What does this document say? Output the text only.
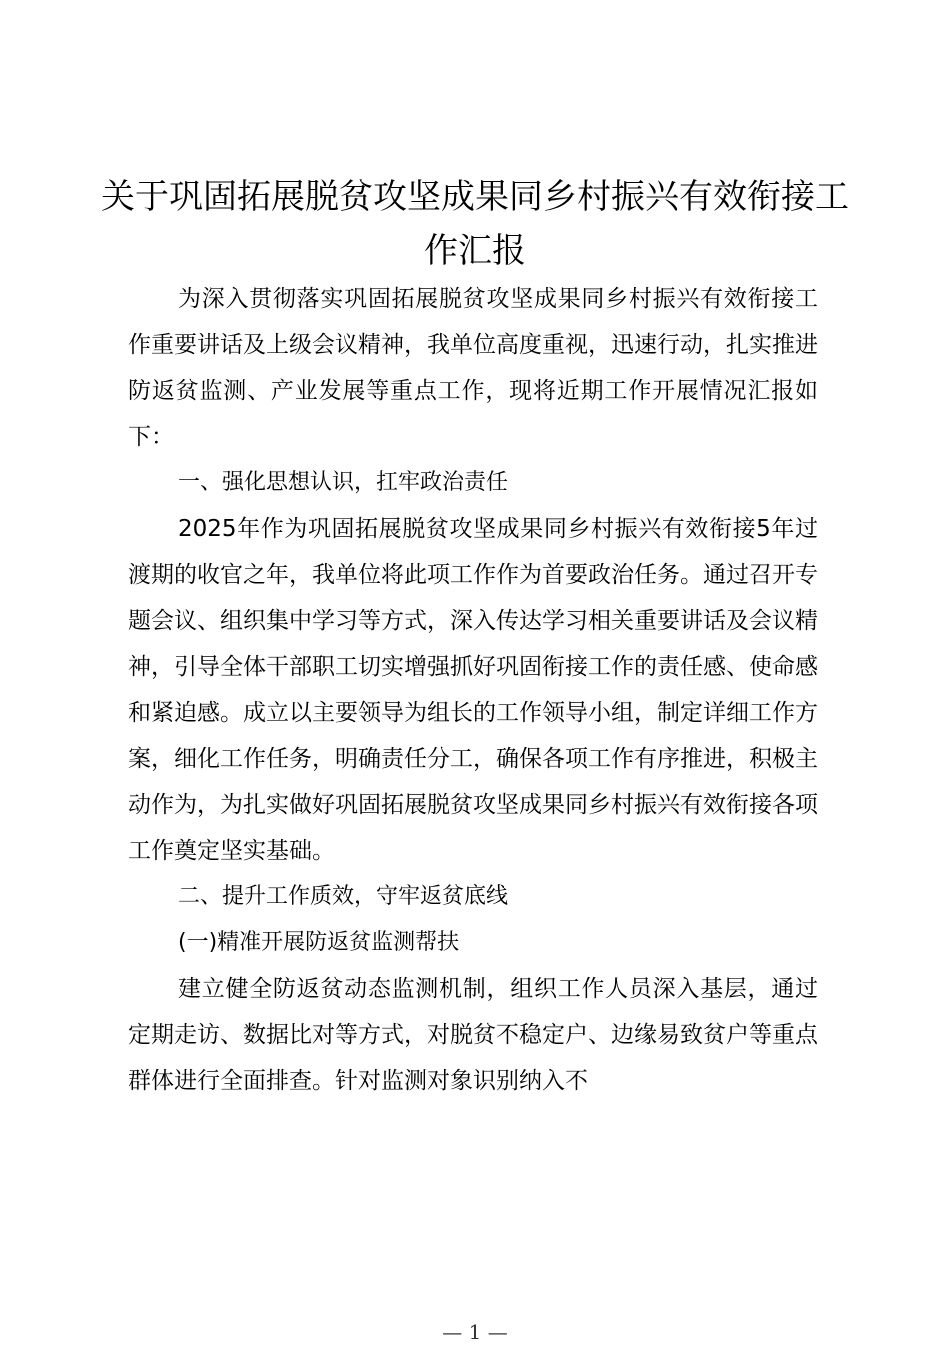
关于巩固拓展脱贫攻坚成果同乡村振兴有效衔接工作汇报

为深入贯彻落实巩固拓展脱贫攻坚成果同乡村振兴有效衔接工作重要讲话及上级会议精神，我单位高度重视，迅速行动，扎实推进防返贫监测、产业发展等重点工作，现将近期工作开展情况汇报如下：

一、强化思想认识，扛牢政治责任

2025年作为巩固拓展脱贫攻坚成果同乡村振兴有效衔接5年过渡期的收官之年，我单位将此项工作作为首要政治任务。通过召开专题会议、组织集中学习等方式，深入传达学习相关重要讲话及会议精神，引导全体干部职工切实增强抓好巩固衔接工作的责任感、使命感和紧迫感。成立以主要领导为组长的工作领导小组，制定详细工作方案，细化工作任务，明确责任分工，确保各项工作有序推进，积极主动作为，为扎实做好巩固拓展脱贫攻坚成果同乡村振兴有效衔接各项工作奠定坚实基础。

二、提升工作质效，守牢返贫底线

(一)精准开展防返贫监测帮扶

建立健全防返贫动态监测机制，组织工作人员深入基层，通过定期走访、数据比对等方式，对脱贫不稳定户、边缘易致贫户等重点群体进行全面排查。针对监测对象识别纳入不

— 1 —
